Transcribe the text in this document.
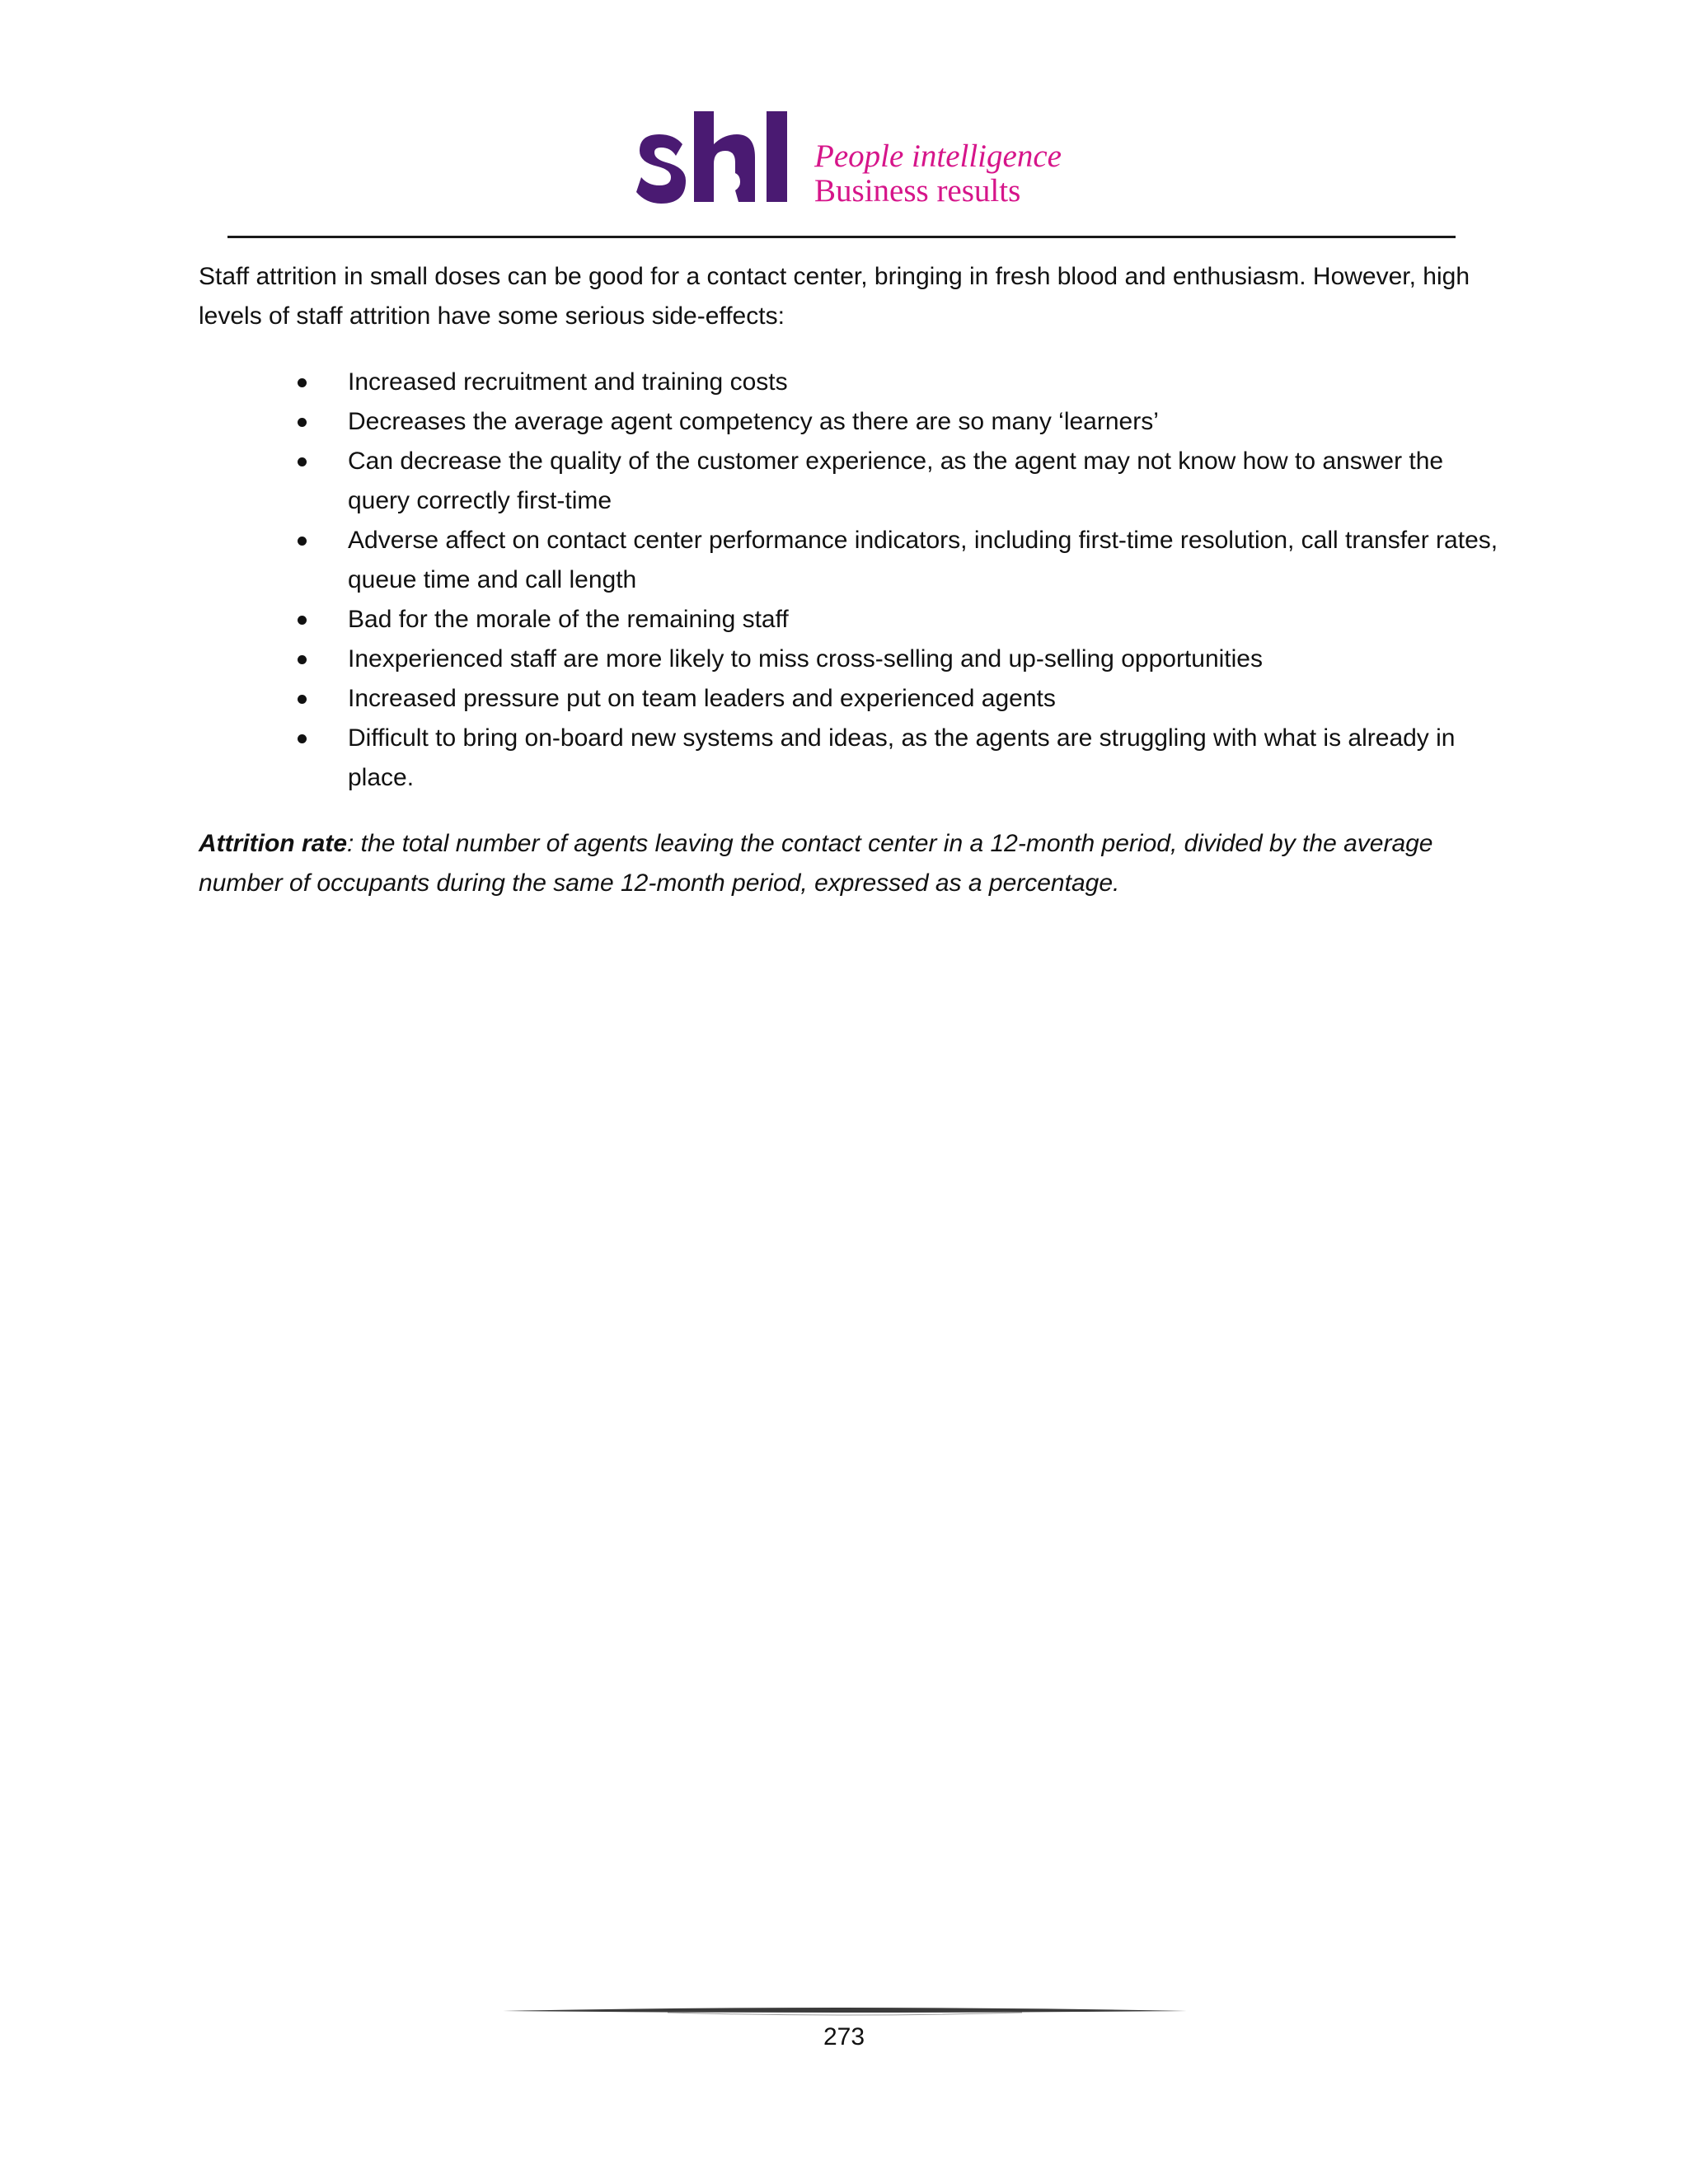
People intelligence
Business results

Staff attrition in small doses can be good for a contact center, bringing in fresh blood and enthusiasm. However, high levels of staff attrition have some serious side-effects:

Increased recruitment and training costs
Decreases the average agent competency as there are so many ‘learners’
Can decrease the quality of the customer experience, as the agent may not know how to answer the query correctly first-time
Adverse affect on contact center performance indicators, including first-time resolution, call transfer rates, queue time and call length
Bad for the morale of the remaining staff
Inexperienced staff are more likely to miss cross-selling and up-selling opportunities
Increased pressure put on team leaders and experienced agents
Difficult to bring on-board new systems and ideas, as the agents are struggling with what is already in place.

Attrition rate: the total number of agents leaving the contact center in a 12-month period, divided by the average number of occupants during the same 12-month period, expressed as a percentage.

273
